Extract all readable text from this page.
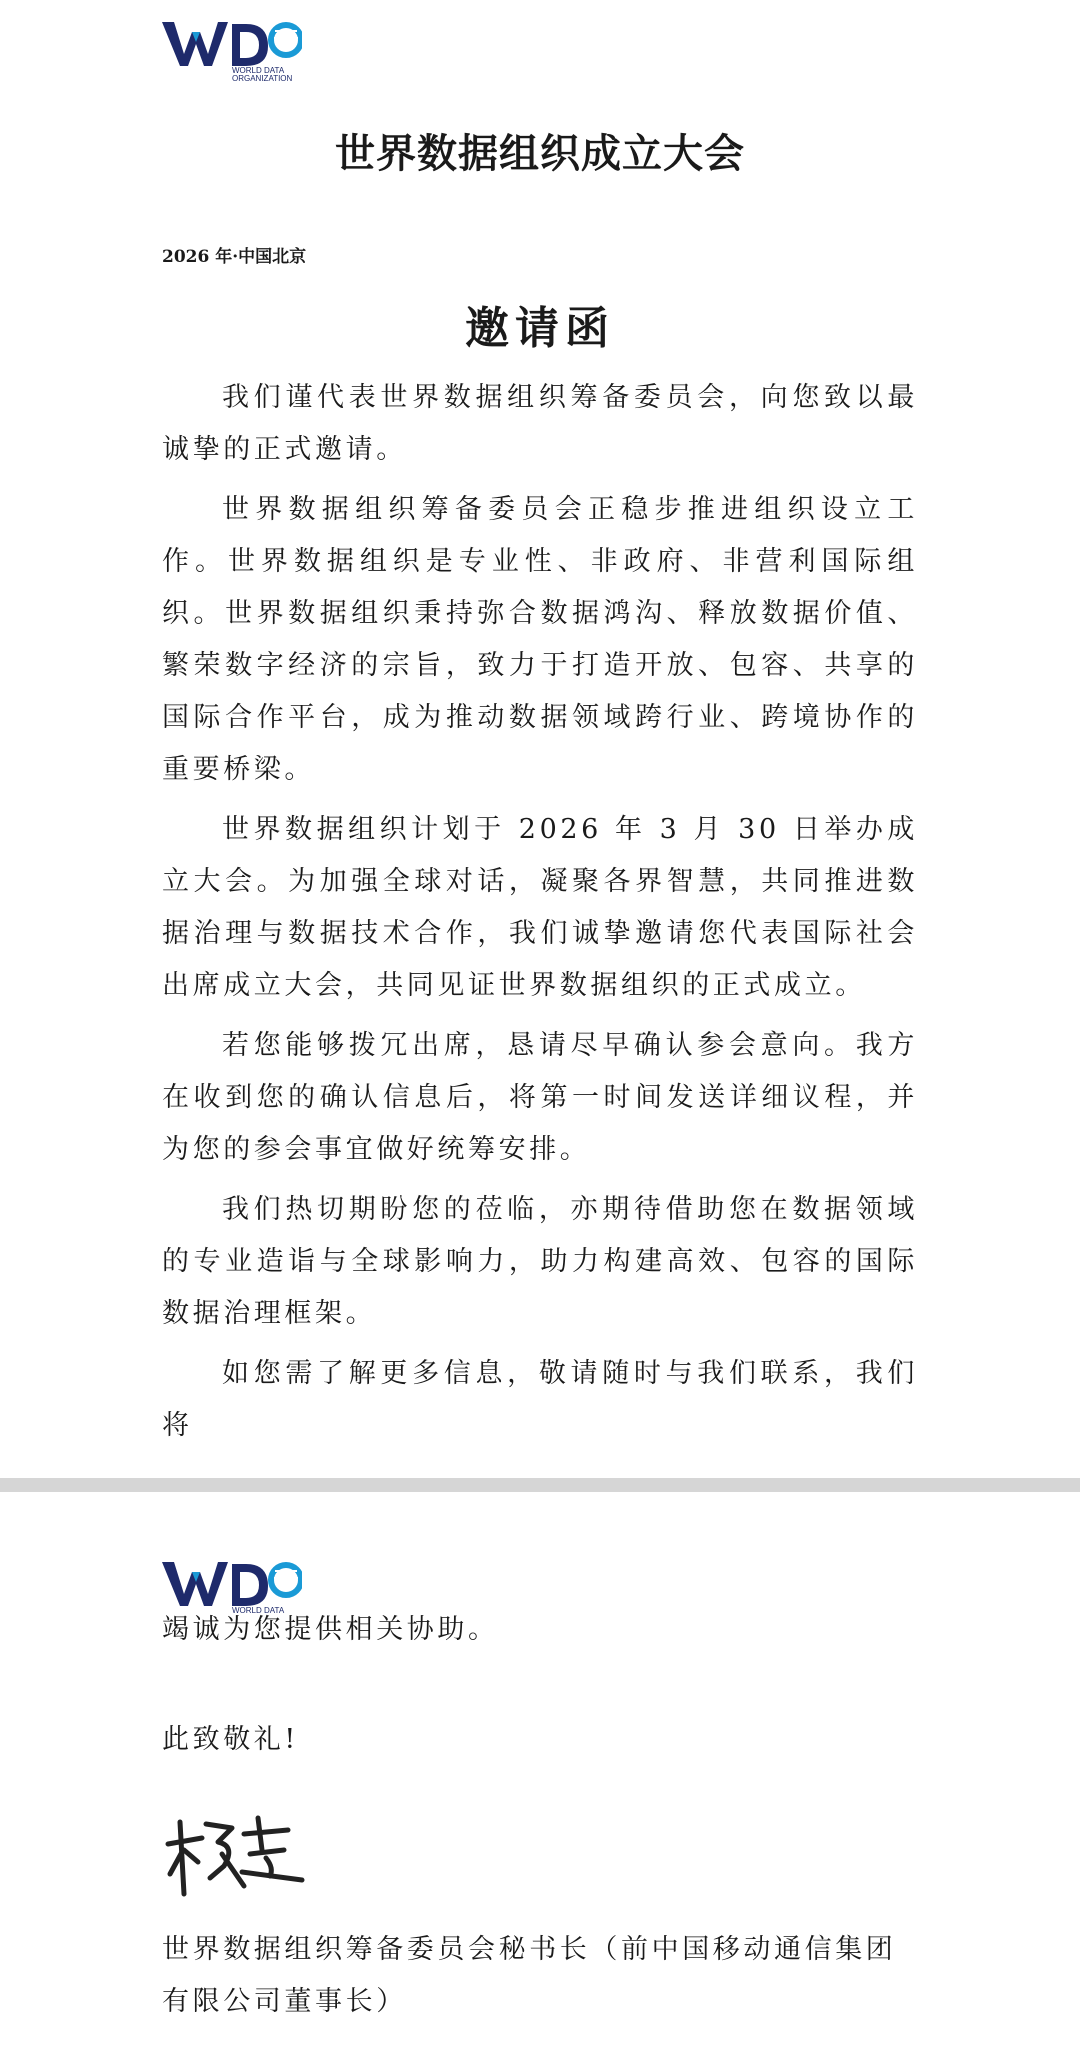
WORLD DATA
ORGANIZATION
世界数据组织成立大会
2026 年·中国北京
邀请函

我们谨代表世界数据组织筹备委员会，向您致以最诚挚的正式邀请。

世界数据组织筹备委员会正稳步推进组织设立工作。世界数据组织是专业性、非政府、非营利国际组织。世界数据组织秉持弥合数据鸿沟、释放数据价值、繁荣数字经济的宗旨，致力于打造开放、包容、共享的国际合作平台，成为推动数据领域跨行业、跨境协作的重要桥梁。

世界数据组织计划于 2026 年 3 月 30 日举办成立大会。为加强全球对话，凝聚各界智慧，共同推进数据治理与数据技术合作，我们诚挚邀请您代表国际社会出席成立大会，共同见证世界数据组织的正式成立。

若您能够拨冗出席，恳请尽早确认参会意向。我方在收到您的确认信息后，将第一时间发送详细议程，并为您的参会事宜做好统筹安排。

我们热切期盼您的莅临，亦期待借助您在数据领域的专业造诣与全球影响力，助力构建高效、包容的国际数据治理框架。

如您需了解更多信息，敬请随时与我们联系，我们将

WORLD DATA
竭诚为您提供相关协助。
此致敬礼!
世界数据组织筹备委员会秘书长（前中国移动通信集团有限公司董事长）
